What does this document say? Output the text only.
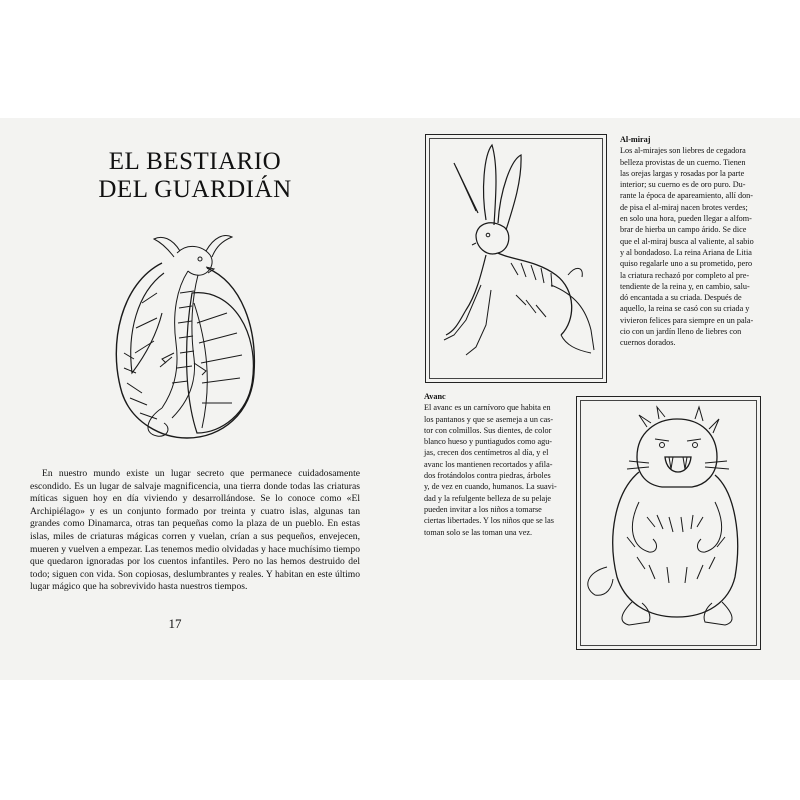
EL BESTIARIO
DEL GUARDIÁN

En nuestro mundo existe un lugar secreto que permanece cuidadosamente escondido. Es un lugar de salvaje magnificencia, una tierra donde todas las criaturas míticas siguen hoy en día viviendo y desarrollándose. Se lo conoce como «El Archipiélago» y es un conjunto formado por treinta y cuatro islas, algunas tan grandes como Dinamarca, otras tan pequeñas como la plaza de un pueblo. En estas islas, miles de criaturas mágicas corren y vuelan, crían a sus pequeños, envejecen, mueren y vuelven a empezar. Las tenemos medio olvidadas y hace muchísimo tiempo que quedaron ignoradas por los cuentos infantiles. Pero no las hemos destruido del todo; siguen con vida. Son copiosas, deslumbrantes y reales. Y habitan en este último lugar mágico que ha sobrevivido hasta nuestros tiempos.

17
Al-miraj
Los al-mirajes son liebres de cegadora
belleza provistas de un cuerno. Tienen
las orejas largas y rosadas por la parte
interior; su cuerno es de oro puro. Du-
rante la época de apareamiento, allí don-
de pisa el al-miraj nacen brotes verdes;
en solo una hora, pueden llegar a alfom-
brar de hierba un campo árido. Se dice
que el al-miraj busca al valiente, al sabio
y al bondadoso. La reina Ariana de Litia
quiso regalarle uno a su prometido, pero
la criatura rechazó por completo al pre-
tendiente de la reina y, en cambio, salu-
dó encantada a su criada. Después de
aquello, la reina se casó con su criada y
vivieron felices para siempre en un pala-
cio con un jardín lleno de liebres con
cuernos dorados.
Avanc
El avanc es un carnívoro que habita en
los pantanos y que se asemeja a un cas-
tor con colmillos. Sus dientes, de color
blanco hueso y puntiagudos como agu-
jas, crecen dos centímetros al día, y el
avanc los mantienen recortados y afila-
dos frotándolos contra piedras, árboles
y, de vez en cuando, humanos. La suavi-
dad y la refulgente belleza de su pelaje
pueden invitar a los niños a tomarse
ciertas libertades. Y los niños que se las
toman solo se las toman una vez.
